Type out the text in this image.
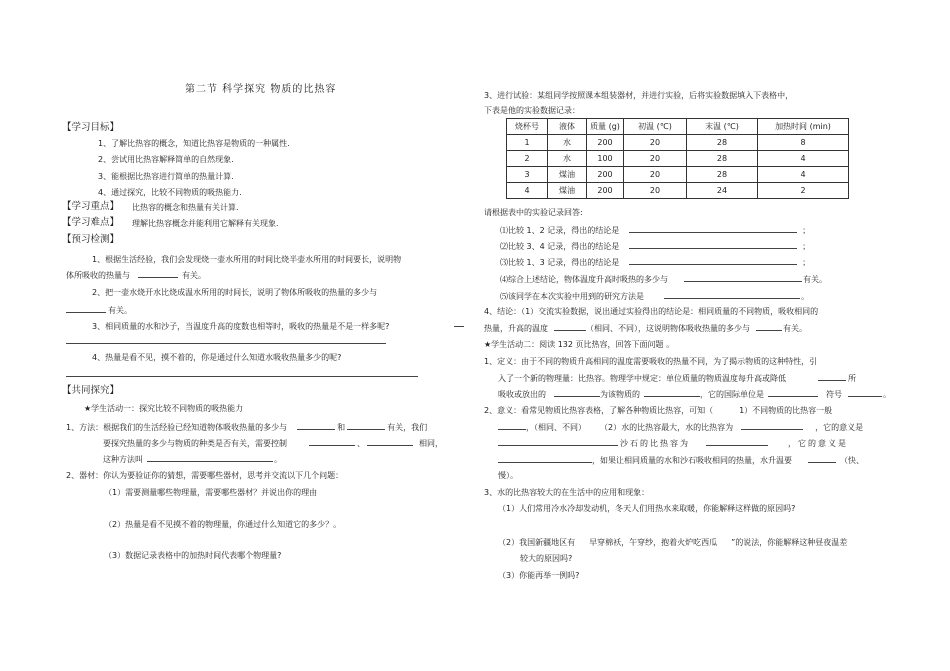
第二节 科学探究 物质的比热容
【学习目标】
1、了解比热容的概念，知道比热容是物质的一种属性.
2、尝试用比热容解释简单的自然现象.
3、能根据比热容进行简单的热量计算.
4、通过探究，比较不同物质的吸热能力.
【学习重点】 比热容的概念和热量有关计算.
【学习难点】 理解比热容概念并能利用它解释有关现象.
【预习检测】
1、根据生活经验，我们会发现烧一壶水所用的时间比烧半壶水所用的时间要长，说明物
体所吸收的热量与	有关。
2、把一壶水烧开水比烧成温水所用的时间长，说明了物体所吸收的热量的多少与
有关。
3、相同质量的水和沙子，当温度升高的度数也相等时，吸收的热量是不是一样多呢?
4、热量是看不见，摸不着的，你是通过什么知道水吸收热量多少的呢?
【共同探究】
★学生活动一：探究比较不同物质的吸热能力
1、方法：根据我们的生活经验已经知道物体吸收热量的多少与	和	有关，我们
要探究热量的多少与物质的种类是否有关，需要控制	、	相同，
这种方法叫	。
2、器材：你认为要验证你的猜想，需要哪些器材，思考并交流以下几个问题：
（1）需要测量哪些物理量，需要哪些器材？并说出你的理由
（2）热量是看不见摸不着的物理量，你通过什么知道它的多少？。
（3）数据记录表格中的加热时间代表哪个物理量?
3、进行试验：某组同学按照课本组装器材，并进行实验，后将实验数据填入下表格中，
下表是他的实验数据记录：
烧杯号	液体	质量 (g)	初温 (℃)	末温 (℃)	加热时间 (min)
1	水	200	20	28	8
2	水	100	20	28	4
3	煤油	200	20	28	4
4	煤油	200	20	24	2
请根据表中的实验记录回答:
⑴比较 1、2 记录，得出的结论是	；
⑵比较 3、4 记录，得出的结论是	；
⑶比较 1、3 记录，得出的结论是	；
⑷综合上述结论，物体温度升高时吸热的多少与	有关。
⑸该同学在本次实验中用到的研究方法是	。
4、结论：（1）交流实验数据，说出通过实验得出的结论是：相同质量的不同物质，吸收相同的
热量，升高的温度	（相同、不同），这说明物体吸收热量的多少与	有关。
★学生活动二：阅读 132 页比热容，回答下面问题 。
1、定义：由于不同的物质升高相同的温度需要吸收的热量不同，为了揭示物质的这种特性，引
入了一个新的物理量：比热容。物理学中规定：单位质量的物质温度每升高或降低	所
吸收或放出的	为该物质的	，它的国际单位是	符号	。
2、意义：看常见物质比热容表格，了解各种物质比热容，可知（	1）不同物质的比热容一般
，（相同、不同） （2）水的比热容最大，水的比热容为	，它的意义是
沙石的比热容为	，它的意义是
，如果让相同质量的水和沙石吸收相同的热量，水升温要	（快、
慢）。
3、水的比热容较大的在生活中的应用和现象：
（1）人们常用冷水冷却发动机，冬天人们用热水来取暖，你能解释这样做的原因吗?
（2）我国新疆地区有 早穿棉袄，午穿纱，抱着火炉吃西瓜 ”的说法，你能解释这种昼夜温差
较大的原因吗?
（3）你能再举一例吗?
